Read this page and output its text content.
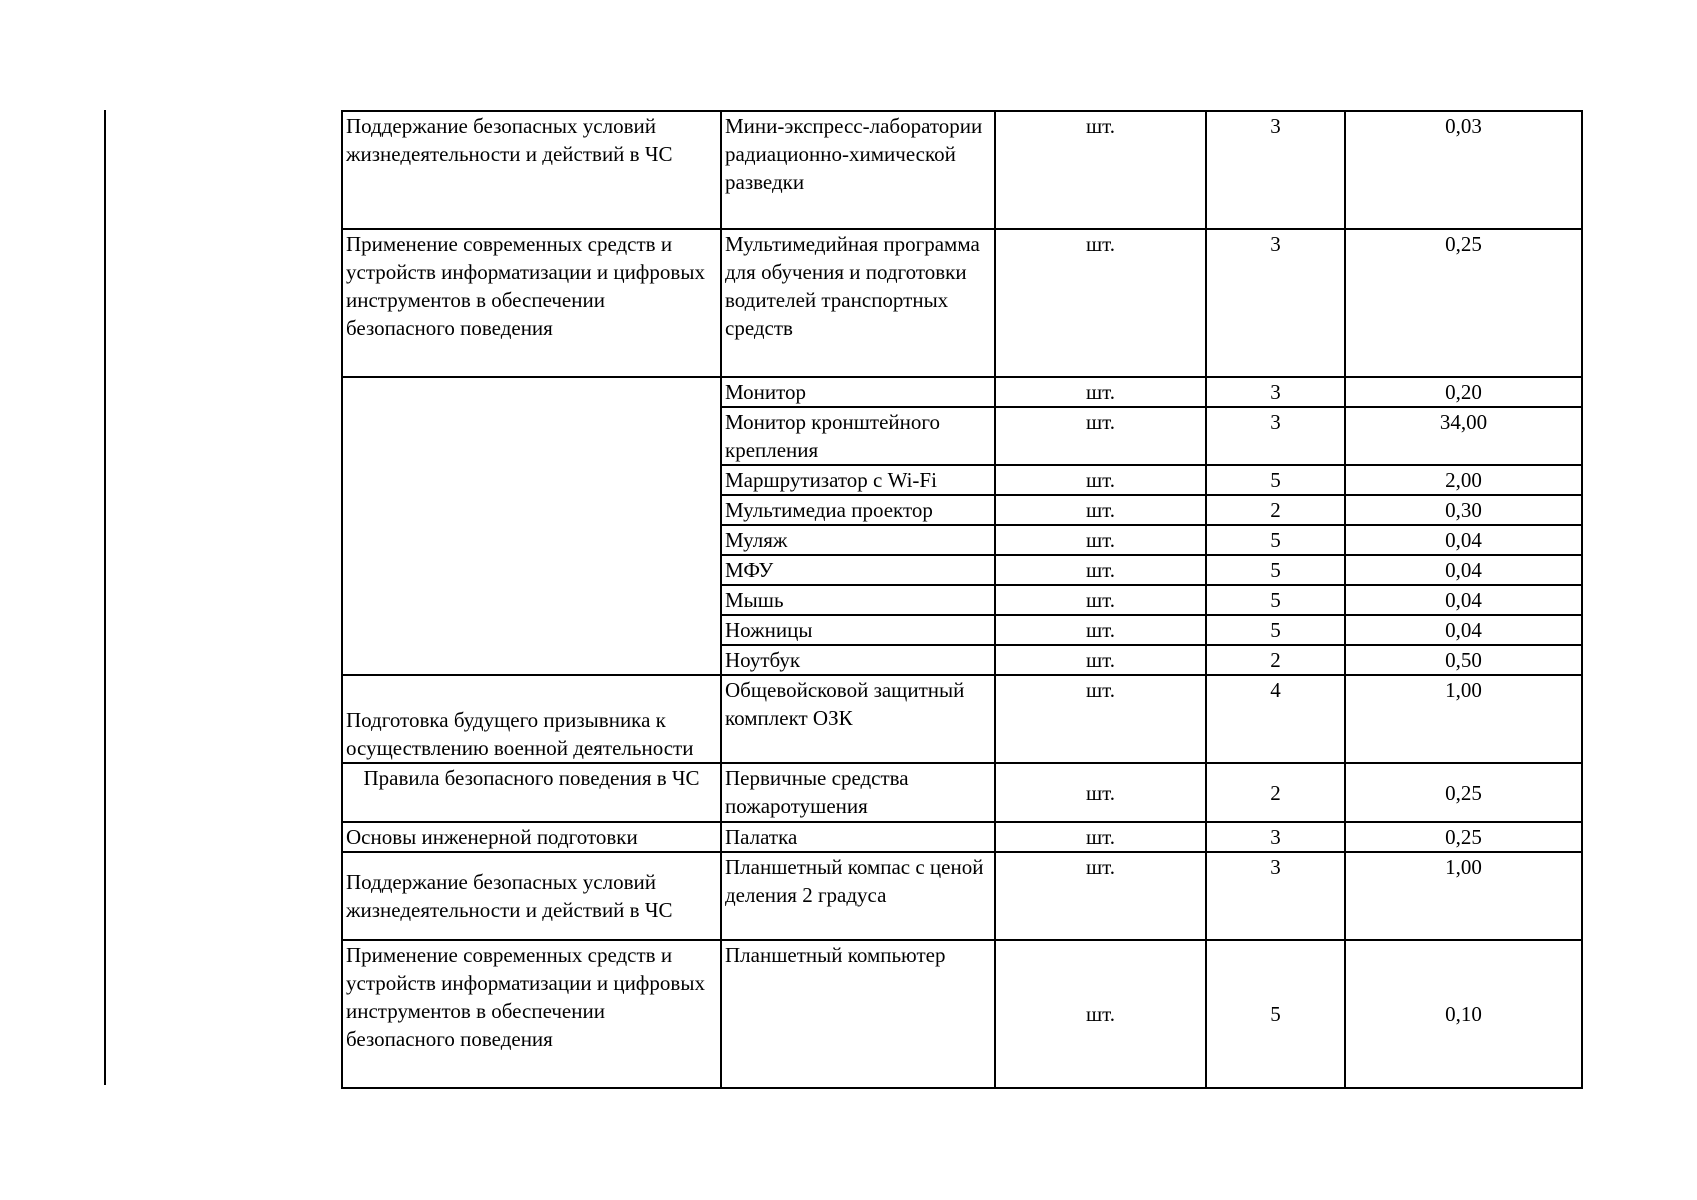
Поддержание безопасных условий жизнедеятельности и действий в ЧС	Мини-экспресс-лаборатории радиационно-химической разведки	шт.	3	0,03
Применение современных средств и устройств информатизации и цифровых инструментов в обеспечении безопасного поведения	Мультимедийная программа для обучения и подготовки водителей транспортных средств	шт.	3	0,25
	Монитор	шт.	3	0,20
	Монитор кронштейного крепления	шт.	3	34,00
	Маршрутизатор с Wi-Fi	шт.	5	2,00
	Мультимедиа проектор	шт.	2	0,30
	Муляж	шт.	5	0,04
	МФУ	шт.	5	0,04
	Мышь	шт.	5	0,04
	Ножницы	шт.	5	0,04
	Ноутбук	шт.	2	0,50
Подготовка будущего призывника к осуществлению военной деятельности	Общевойсковой защитный комплект ОЗК	шт.	4	1,00
Правила безопасного поведения в ЧС	Первичные средства пожаротушения	шт.	2	0,25
Основы инженерной подготовки	Палатка	шт.	3	0,25
Поддержание безопасных условий жизнедеятельности и действий в ЧС	Планшетный компас с ценой деления 2 градуса	шт.	3	1,00
Применение современных средств и устройств информатизации и цифровых инструментов в обеспечении безопасного поведения	Планшетный компьютер	шт.	5	0,10
